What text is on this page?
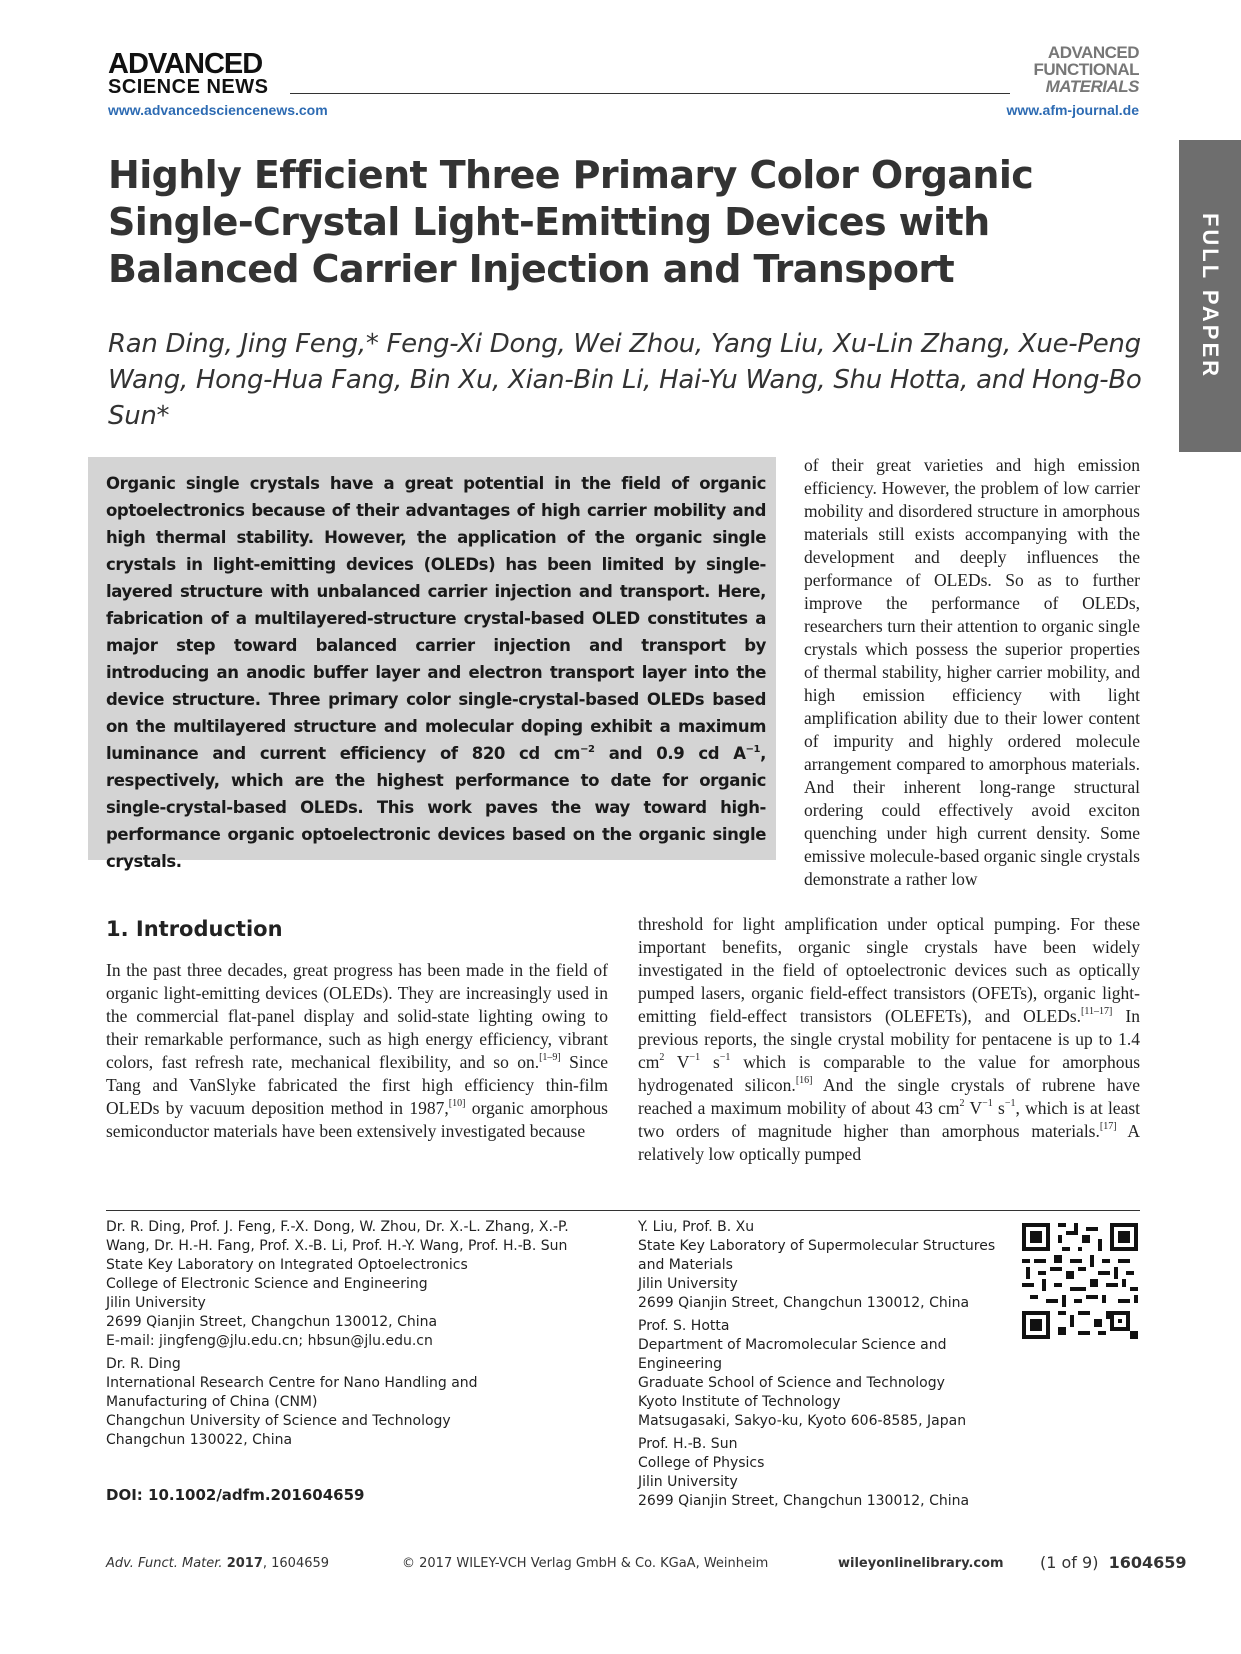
ADVANCED
SCIENCE NEWS
www.advancedsciencenews.com
ADVANCED
FUNCTIONAL
MATERIALS
www.afm-journal.de
FULL PAPER
Highly Efficient Three Primary Color Organic Single-Crystal Light-Emitting Devices with Balanced Carrier Injection and Transport
Ran Ding, Jing Feng,* Feng-Xi Dong, Wei Zhou, Yang Liu, Xu-Lin Zhang, Xue-Peng Wang, Hong-Hua Fang, Bin Xu, Xian-Bin Li, Hai-Yu Wang, Shu Hotta, and Hong-Bo Sun*
Organic single crystals have a great potential in the field of organic optoelectronics because of their advantages of high carrier mobility and high thermal stability. However, the application of the organic single crystals in light-emitting devices (OLEDs) has been limited by single-layered structure with unbalanced carrier injection and transport. Here, fabrication of a multilayered-structure crystal-based OLED constitutes a major step toward balanced carrier injection and transport by introducing an anodic buffer layer and electron transport layer into the device structure. Three primary color single-crystal-based OLEDs based on the multilayered structure and molecular doping exhibit a maximum luminance and current efficiency of 820 cd $cm^{-2}$ and 0.9 cd $A^{-1}$, respectively, which are the highest performance to date for organic single-crystal-based OLEDs. This work paves the way toward high-performance organic optoelectronic devices based on the organic single crystals.
of their great varieties and high emission efficiency. However, the problem of low carrier mobility and disordered structure in amorphous materials still exists accompanying with the development and deeply influences the performance of OLEDs. So as to further improve the performance of OLEDs, researchers turn their attention to organic single crystals which possess the superior properties of thermal stability, higher carrier mobility, and high emission efficiency with light amplification ability due to their lower content of impurity and highly ordered molecule arrangement compared to amorphous materials. And their inherent long-range structural ordering could effectively avoid exciton quenching under high current density. Some emissive molecule-based organic single crystals demonstrate a rather low
1. Introduction
In the past three decades, great progress has been made in the field of organic light-emitting devices (OLEDs). They are increasingly used in the commercial flat-panel display and solid-state lighting owing to their remarkable performance, such as high energy efficiency, vibrant colors, fast refresh rate, mechanical flexibility, and so on.[1–9] Since Tang and VanSlyke fabricated the first high efficiency thin-film OLEDs by vacuum deposition method in 1987,[10] organic amorphous semiconductor materials have been extensively investigated because
threshold for light amplification under optical pumping. For these important benefits, organic single crystals have been widely investigated in the field of optoelectronic devices such as optically pumped lasers, organic field-effect transistors (OFETs), organic light-emitting field-effect transistors (OLEFETs), and OLEDs.[11–17] In previous reports, the single crystal mobility for pentacene is up to 1.4 $cm^2$ $V^{-1}$ $s^{-1}$ which is comparable to the value for amorphous hydrogenated silicon.[16] And the single crystals of rubrene have reached a maximum mobility of about 43 $cm^2$ $V^{-1}$ $s^{-1}$, which is at least two orders of magnitude higher than amorphous materials.[17] A relatively low optically pumped

Dr. R. Ding, Prof. J. Feng, F.-X. Dong, W. Zhou, Dr. X.-L. Zhang, X.-P. Wang, Dr. H.-H. Fang, Prof. X.-B. Li, Prof. H.-Y. Wang, Prof. H.-B. Sun
State Key Laboratory on Integrated Optoelectronics
College of Electronic Science and Engineering
Jilin University
2699 Qianjin Street, Changchun 130012, China
E-mail: jingfeng@jlu.edu.cn; hbsun@jlu.edu.cn

Dr. R. Ding
International Research Centre for Nano Handling and Manufacturing of China (CNM)
Changchun University of Science and Technology
Changchun 130022, China

Y. Liu, Prof. B. Xu
State Key Laboratory of Supermolecular Structures and Materials
Jilin University
2699 Qianjin Street, Changchun 130012, China

Prof. S. Hotta
Department of Macromolecular Science and Engineering
Graduate School of Science and Technology
Kyoto Institute of Technology
Matsugasaki, Sakyo-ku, Kyoto 606-8585, Japan

Prof. H.-B. Sun
College of Physics
Jilin University
2699 Qianjin Street, Changchun 130012, China

DOI: 10.1002/adfm.201604659
Adv. Funct. Mater. 2017, 1604659	© 2017 WILEY-VCH Verlag GmbH & Co. KGaA, Weinheim	wileyonlinelibrary.com (1 of 9) 1604659
